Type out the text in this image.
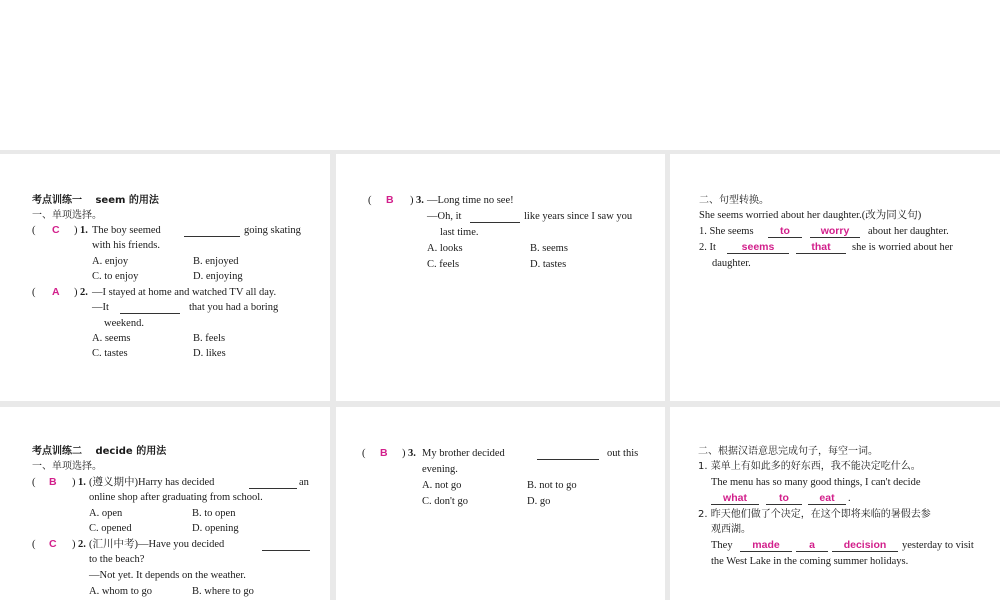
考点训练一　 seem 的用法
一、单项选择。
( C ) 1. The boy seemed	going skating
with his friends.
A. enjoy	B. enjoyed
C. to enjoy	D. enjoying
( A ) 2. —I stayed at home and watched TV all day.
—It	that you had a boring
weekend.
A. seems	B. feels
C. tastes	D. likes
( B ) 3. —Long time no see!
—Oh, it	like years since I saw you
last time.
A. looks	B. seems
C. feels	D. tastes
二、句型转换。
She seems worried about her daughter.(改为同义句)
1. She seems	to	worry	about her daughter.
2. It	seems	that	she is worried about her
daughter.
考点训练二　 decide 的用法
一、单项选择。
( B ) 1. (遵义期中)Harry has decided	an
online shop after graduating from school.
A. open	B. to open
C. opened	D. opening
( C ) 2. (汇川中考)—Have you decided
to the beach?
—Not yet. It depends on the weather.
A. whom to go	B. where to go
( B ) 3. My brother decided	out this
evening.
A. not go	B. not to go
C. don't go	D. go
二、根据汉语意思完成句子，每空一词。
1. 菜单上有如此多的好东西，我不能决定吃什么。
The menu has so many good things, I can't decide
what	to	eat	.
2. 昨天他们做了个决定，在这个即将来临的暑假去参
观西湖。
They	made	a	decision	yesterday to visit
the West Lake in the coming summer holidays.
